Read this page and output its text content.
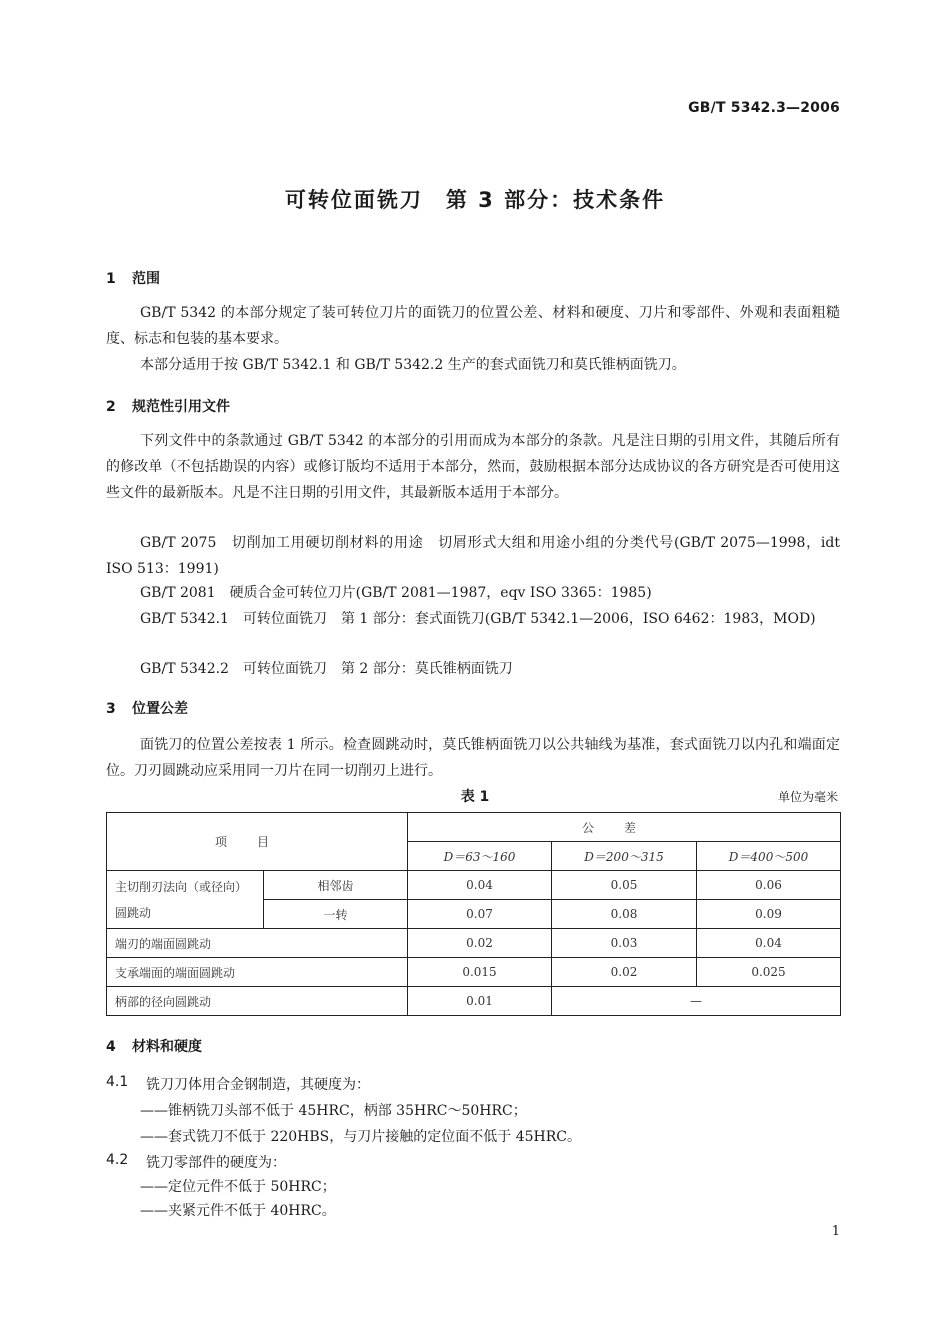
GB/T 5342.3—2006
可转位面铣刀　第 3 部分：技术条件
1 范围
GB/T 5342 的本部分规定了装可转位刀片的面铣刀的位置公差、材料和硬度、刀片和零部件、外观和表面粗糙度、标志和包装的基本要求。
本部分适用于按 GB/T 5342.1 和 GB/T 5342.2 生产的套式面铣刀和莫氏锥柄面铣刀。
2 规范性引用文件
下列文件中的条款通过 GB/T 5342 的本部分的引用而成为本部分的条款。凡是注日期的引用文件，其随后所有的修改单（不包括勘误的内容）或修订版均不适用于本部分，然而，鼓励根据本部分达成协议的各方研究是否可使用这些文件的最新版本。凡是不注日期的引用文件，其最新版本适用于本部分。
GB/T 2075　切削加工用硬切削材料的用途　切屑形式大组和用途小组的分类代号(GB/T 2075—1998，idt ISO 513：1991)
GB/T 2081　硬质合金可转位刀片(GB/T 2081—1987，eqv ISO 3365：1985)
GB/T 5342.1　可转位面铣刀　第 1 部分：套式面铣刀(GB/T 5342.1—2006，ISO 6462：1983，MOD)
GB/T 5342.2　可转位面铣刀　第 2 部分：莫氏锥柄面铣刀
3 位置公差
面铣刀的位置公差按表 1 所示。检查圆跳动时，莫氏锥柄面铣刀以公共轴线为基准，套式面铣刀以内孔和端面定位。刀刃圆跳动应采用同一刀片在同一切削刃上进行。
表 1	单位为毫米
项目		公差		
		D＝63～160	D＝200～315	D＝400～500
主切削刃法向（或径向）圆跳动	相邻齿	0.04	0.05	0.06
	一转	0.07	0.08	0.09
端刃的端面圆跳动		0.02	0.03	0.04
支承端面的端面圆跳动		0.015	0.02	0.025
柄部的径向圆跳动		0.01	—	
4 材料和硬度
4.1 铣刀刀体用合金钢制造，其硬度为：
——锥柄铣刀头部不低于 45HRC，柄部 35HRC～50HRC；
——套式铣刀不低于 220HBS，与刀片接触的定位面不低于 45HRC。
4.2 铣刀零部件的硬度为：
——定位元件不低于 50HRC；
——夹紧元件不低于 40HRC。
1
